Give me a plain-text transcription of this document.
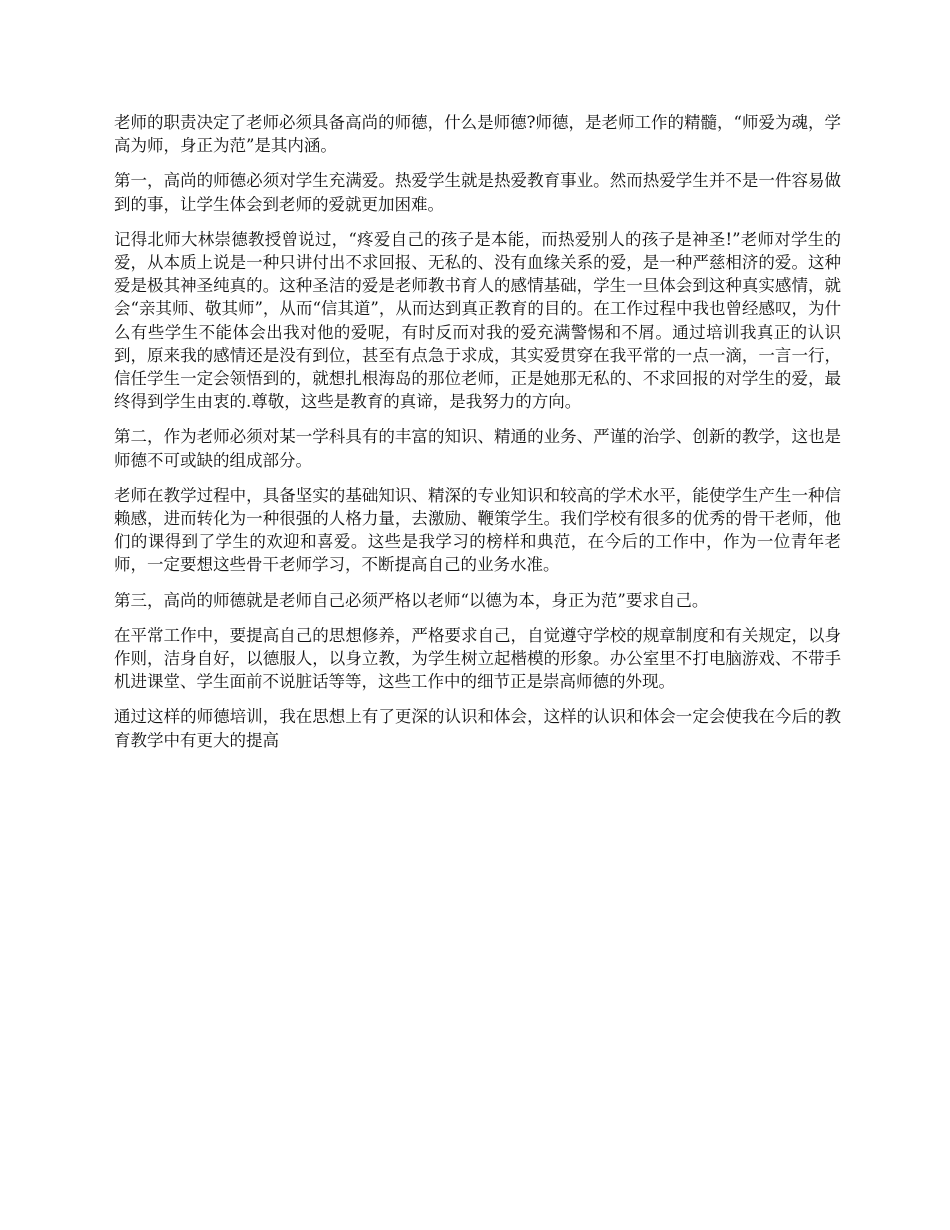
老师的职责决定了老师必须具备高尚的师德，什么是师德?师德，是老师工作的精髓，“师爱为魂，学高为师，身正为范”是其内涵。

第一，高尚的师德必须对学生充满爱。热爱学生就是热爱教育事业。然而热爱学生并不是一件容易做到的事，让学生体会到老师的爱就更加困难。

记得北师大林崇德教授曾说过，“疼爱自己的孩子是本能，而热爱别人的孩子是神圣!”老师对学生的爱，从本质上说是一种只讲付出不求回报、无私的、没有血缘关系的爱，是一种严慈相济的爱。这种爱是极其神圣纯真的。这种圣洁的爱是老师教书育人的感情基础，学生一旦体会到这种真实感情，就会“亲其师、敬其师”，从而“信其道”，从而达到真正教育的目的。在工作过程中我也曾经感叹，为什么有些学生不能体会出我对他的爱呢，有时反而对我的爱充满警惕和不屑。通过培训我真正的认识到，原来我的感情还是没有到位，甚至有点急于求成，其实爱贯穿在我平常的一点一滴，一言一行，信任学生一定会领悟到的，就想扎根海岛的那位老师，正是她那无私的、不求回报的对学生的爱，最终得到学生由衷的.尊敬，这些是教育的真谛，是我努力的方向。

第二，作为老师必须对某一学科具有的丰富的知识、精通的业务、严谨的治学、创新的教学，这也是师德不可或缺的组成部分。

老师在教学过程中，具备坚实的基础知识、精深的专业知识和较高的学术水平，能使学生产生一种信赖感，进而转化为一种很强的人格力量，去激励、鞭策学生。我们学校有很多的优秀的骨干老师，他们的课得到了学生的欢迎和喜爱。这些是我学习的榜样和典范，在今后的工作中，作为一位青年老师，一定要想这些骨干老师学习，不断提高自己的业务水准。

第三，高尚的师德就是老师自己必须严格以老师“以德为本，身正为范”要求自己。

在平常工作中，要提高自己的思想修养，严格要求自己，自觉遵守学校的规章制度和有关规定，以身作则，洁身自好，以德服人，以身立教，为学生树立起楷模的形象。办公室里不打电脑游戏、不带手机进课堂、学生面前不说脏话等等，这些工作中的细节正是崇高师德的外现。

通过这样的师德培训，我在思想上有了更深的认识和体会，这样的认识和体会一定会使我在今后的教育教学中有更大的提高
